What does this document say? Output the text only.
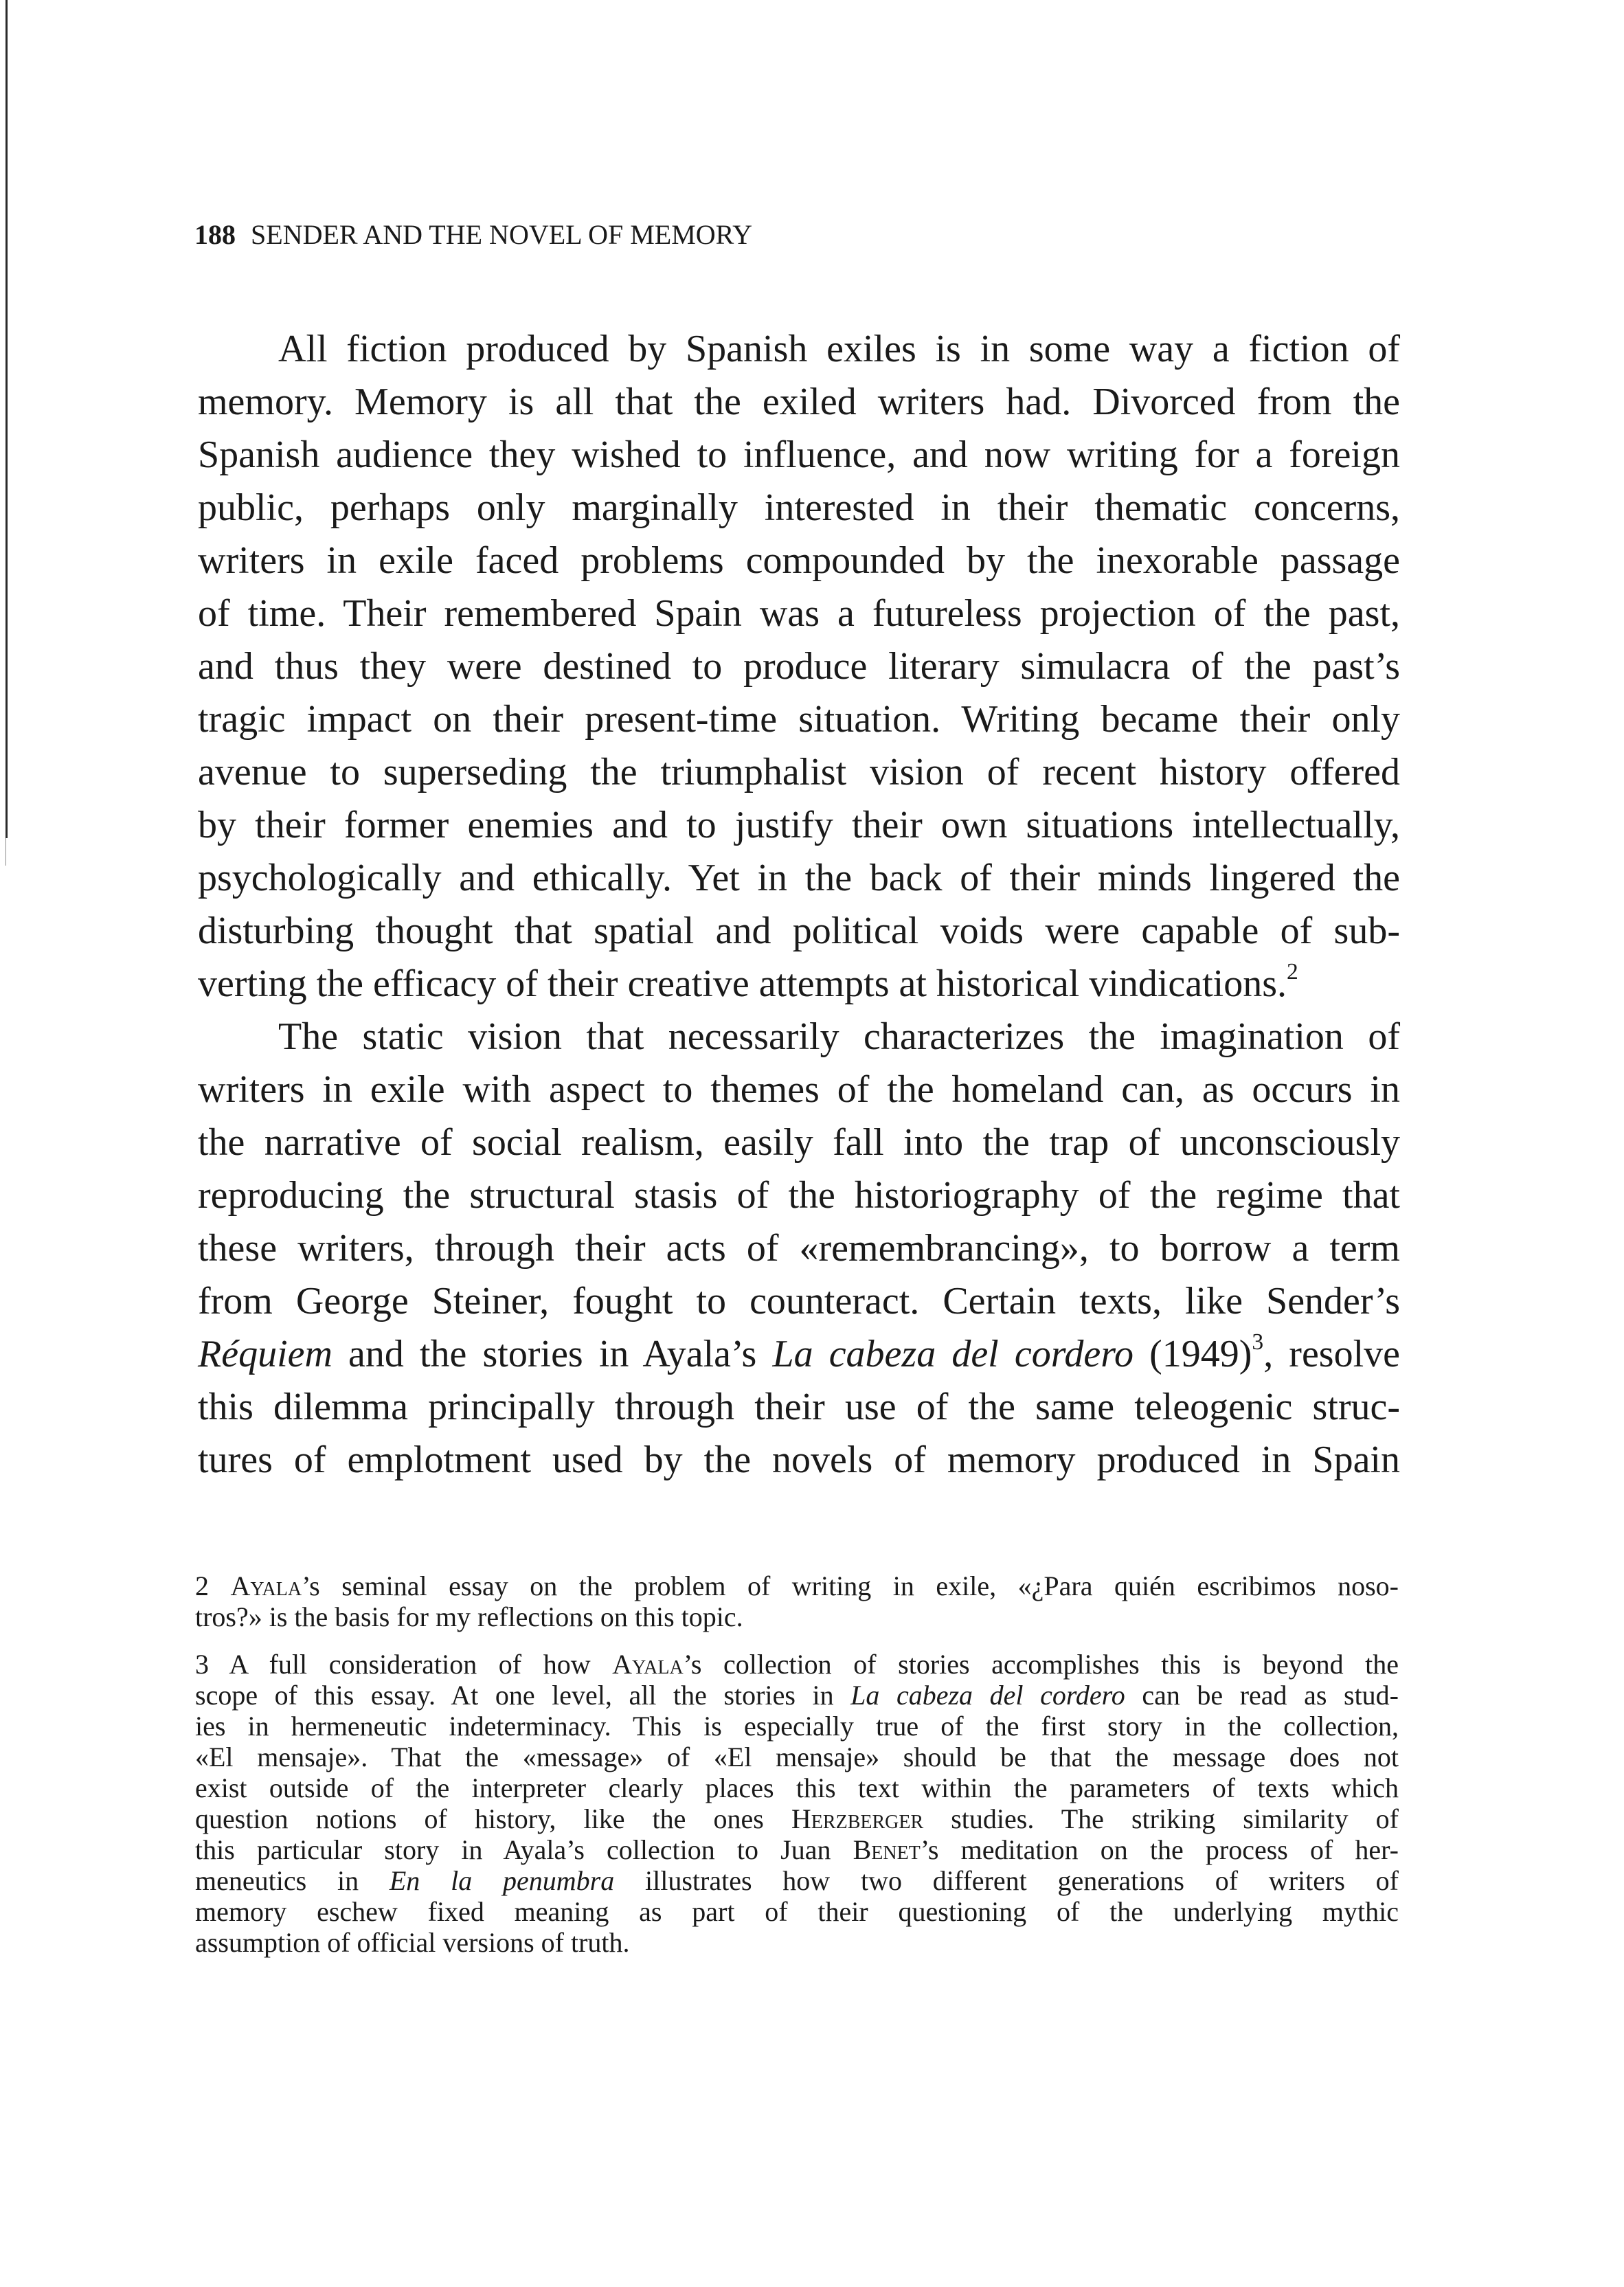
188 SENDER AND THE NOVEL OF MEMORY
All fiction produced by Spanish exiles is in some way a fiction of
memory. Memory is all that the exiled writers had. Divorced from the
Spanish audience they wished to influence, and now writing for a foreign
public, perhaps only marginally interested in their thematic concerns,
writers in exile faced problems compounded by the inexorable passage
of time. Their remembered Spain was a futureless projection of the past,
and thus they were destined to produce literary simulacra of the past’s
tragic impact on their present-time situation. Writing became their only
avenue to superseding the triumphalist vision of recent history offered
by their former enemies and to justify their own situations intellectually,
psychologically and ethically. Yet in the back of their minds lingered the
disturbing thought that spatial and political voids were capable of sub-
verting the efficacy of their creative attempts at historical vindications.$^2$
The static vision that necessarily characterizes the imagination of
writers in exile with aspect to themes of the homeland can, as occurs in
the narrative of social realism, easily fall into the trap of unconsciously
reproducing the structural stasis of the historiography of the regime that
these writers, through their acts of «remembrancing», to borrow a term
from George Steiner, fought to counteract. Certain texts, like Sender’s
Réquiem and the stories in Ayala’s La cabeza del cordero $(1949)^3$, resolve
this dilemma principally through their use of the same teleogenic struc-
tures of emplotment used by the novels of memory produced in Spain
2 Ayala’s seminal essay on the problem of writing in exile, «¿Para quién escribimos noso-
tros?» is the basis for my reflections on this topic.
3 A full consideration of how Ayala’s collection of stories accomplishes this is beyond the
scope of this essay. At one level, all the stories in La cabeza del cordero can be read as stud-
ies in hermeneutic indeterminacy. This is especially true of the first story in the collection,
«El mensaje». That the «message» of «El mensaje» should be that the message does not
exist outside of the interpreter clearly places this text within the parameters of texts which
question notions of history, like the ones Herzberger studies. The striking similarity of
this particular story in Ayala’s collection to Juan Benet’s meditation on the process of her-
meneutics in En la penumbra illustrates how two different generations of writers of
memory eschew fixed meaning as part of their questioning of the underlying mythic
assumption of official versions of truth.
